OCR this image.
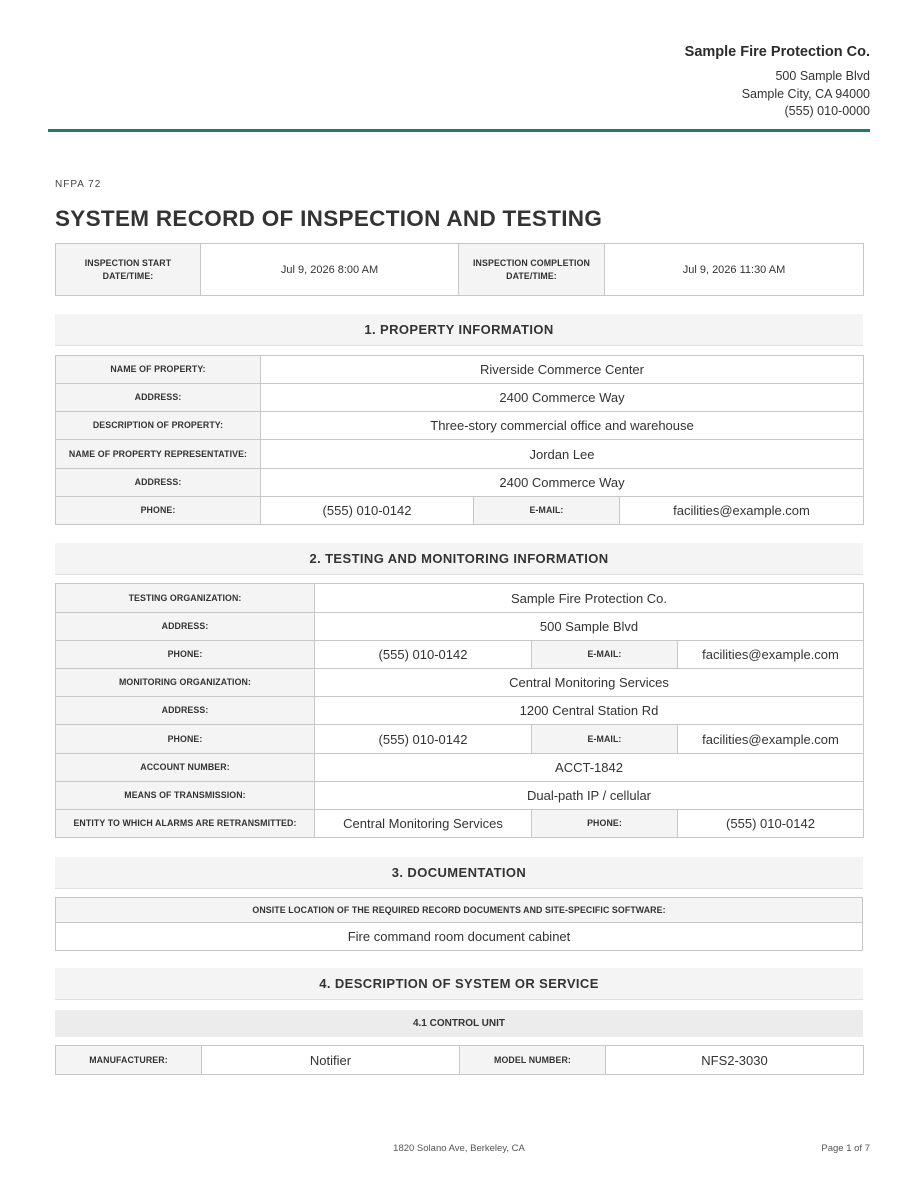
Sample Fire Protection Co.
500 Sample Blvd
Sample City, CA 94000
(555) 010-0000
NFPA 72
SYSTEM RECORD OF INSPECTION AND TESTING
INSPECTION START DATE/TIME:	Jul 9, 2026 8:00 AM	INSPECTION COMPLETION DATE/TIME:	Jul 9, 2026 11:30 AM
1. PROPERTY INFORMATION
NAME OF PROPERTY:	Riverside Commerce Center		
ADDRESS:	2400 Commerce Way		
DESCRIPTION OF PROPERTY:	Three-story commercial office and warehouse		
NAME OF PROPERTY REPRESENTATIVE:	Jordan Lee		
ADDRESS:	2400 Commerce Way		
PHONE:	(555) 010-0142	E-MAIL:	facilities@example.com
2. TESTING AND MONITORING INFORMATION
TESTING ORGANIZATION:	Sample Fire Protection Co.		
ADDRESS:	500 Sample Blvd		
PHONE:	(555) 010-0142	E-MAIL:	facilities@example.com
MONITORING ORGANIZATION:	Central Monitoring Services		
ADDRESS:	1200 Central Station Rd		
PHONE:	(555) 010-0142	E-MAIL:	facilities@example.com
ACCOUNT NUMBER:	ACCT-1842		
MEANS OF TRANSMISSION:	Dual-path IP / cellular		
ENTITY TO WHICH ALARMS ARE RETRANSMITTED:	Central Monitoring Services	PHONE:	(555) 010-0142
3. DOCUMENTATION
ONSITE LOCATION OF THE REQUIRED RECORD DOCUMENTS AND SITE-SPECIFIC SOFTWARE:
Fire command room document cabinet
4. DESCRIPTION OF SYSTEM OR SERVICE
4.1 CONTROL UNIT
MANUFACTURER:	Notifier	MODEL NUMBER:	NFS2-3030
1820 Solano Ave, Berkeley, CA	Page 1 of 7
